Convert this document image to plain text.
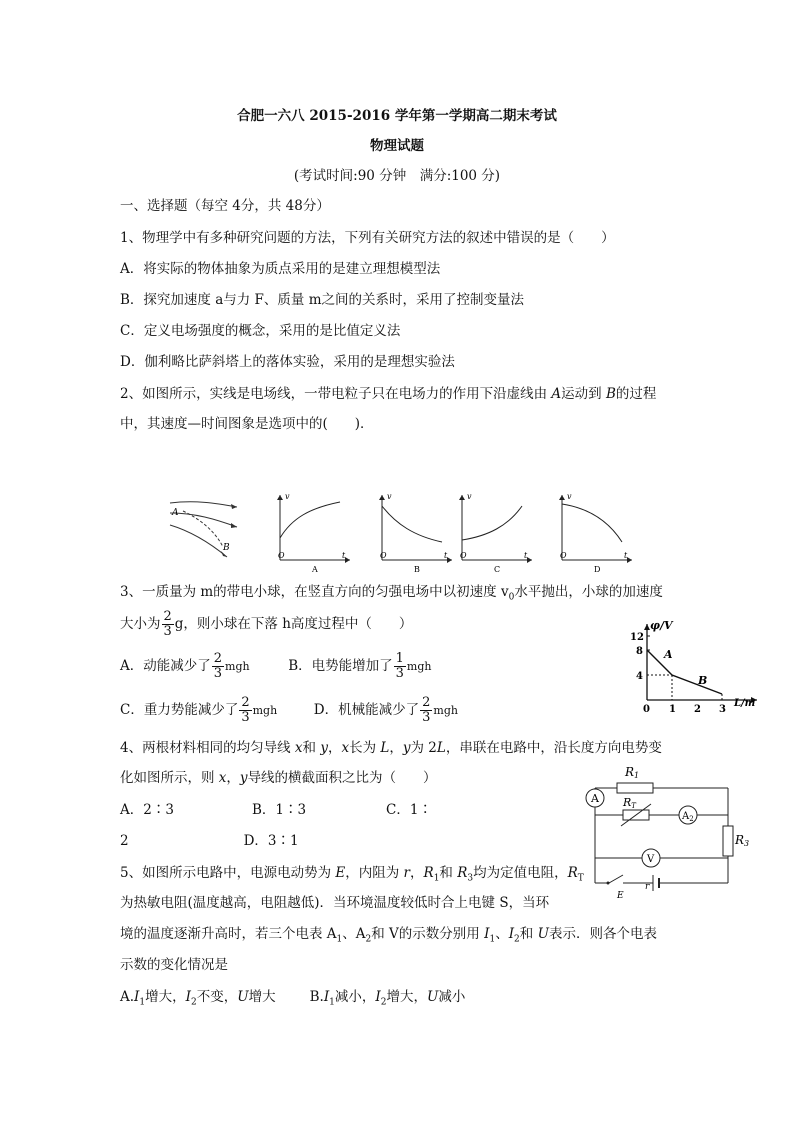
合肥一六八 2015-2016 学年第一学期高二期末考试
物理试题
(考试时间:90 分钟　满分:100 分)
一、选择题（每空 4分，共 48分）
1、物理学中有多种研究问题的方法，下列有关研究方法的叙述中错误的是（　　）
A．将实际的物体抽象为质点采用的是建立理想模型法
B．探究加速度 a与力 F、质量 m之间的关系时，采用了控制变量法
C．定义电场强度的概念，采用的是比值定义法
D．伽利略比萨斜塔上的落体实验，采用的是理想实验法
2、如图所示，实线是电场线，一带电粒子只在电场力的作用下沿虚线由 A运动到 B的过程
中，其速度—时间图象是选项中的(　　)．
A
B
v
O	t
A
v
O	t
B
v
O	t
C
v
O	t
D
3、一质量为 m的带电小球，在竖直方向的匀强电场中以初速度 $v_0$水平抛出，小球的加速度
大小为 $\frac{2}{3}$ g，则小球在下落 h高度过程中（　　）
A．动能减少了 $\frac{2}{3}$ mgh	B．电势能增加了 $\frac{1}{3}$ mgh
C．重力势能减少了 $\frac{2}{3}$ mgh	D．机械能减少了 $\frac{2}{3}$ mgh
φ/V
L/m
12
8
4
0 1 2 3
A
B
4、两根材料相同的均匀导线 x和 y，x长为 L，y为 2L，串联在电路中，沿长度方向电势变
化如图所示，则 x，y导线的横截面积之比为（　　）
A．2∶3	B．1∶3	C．1∶
2	D．3∶1
A
$A_2$
V
R1
RT
R3
E
r
5、如图所示电路中，电源电动势为 E，内阻为 r，$R_1$和 $R_3$均为定值电阻，$R_T$
为热敏电阻(温度越高，电阻越低)．当环境温度较低时合上电键 S，当环
境的温度逐渐升高时，若三个电表 $A_1$、$A_2$和 V的示数分别用 $I_1$、$I_2$和 U表示．则各个电表
示数的变化情况是
$A.I_1$增大，$I_2$不变，U增大	$B.I_1$减小，$I_2$增大，U减小
